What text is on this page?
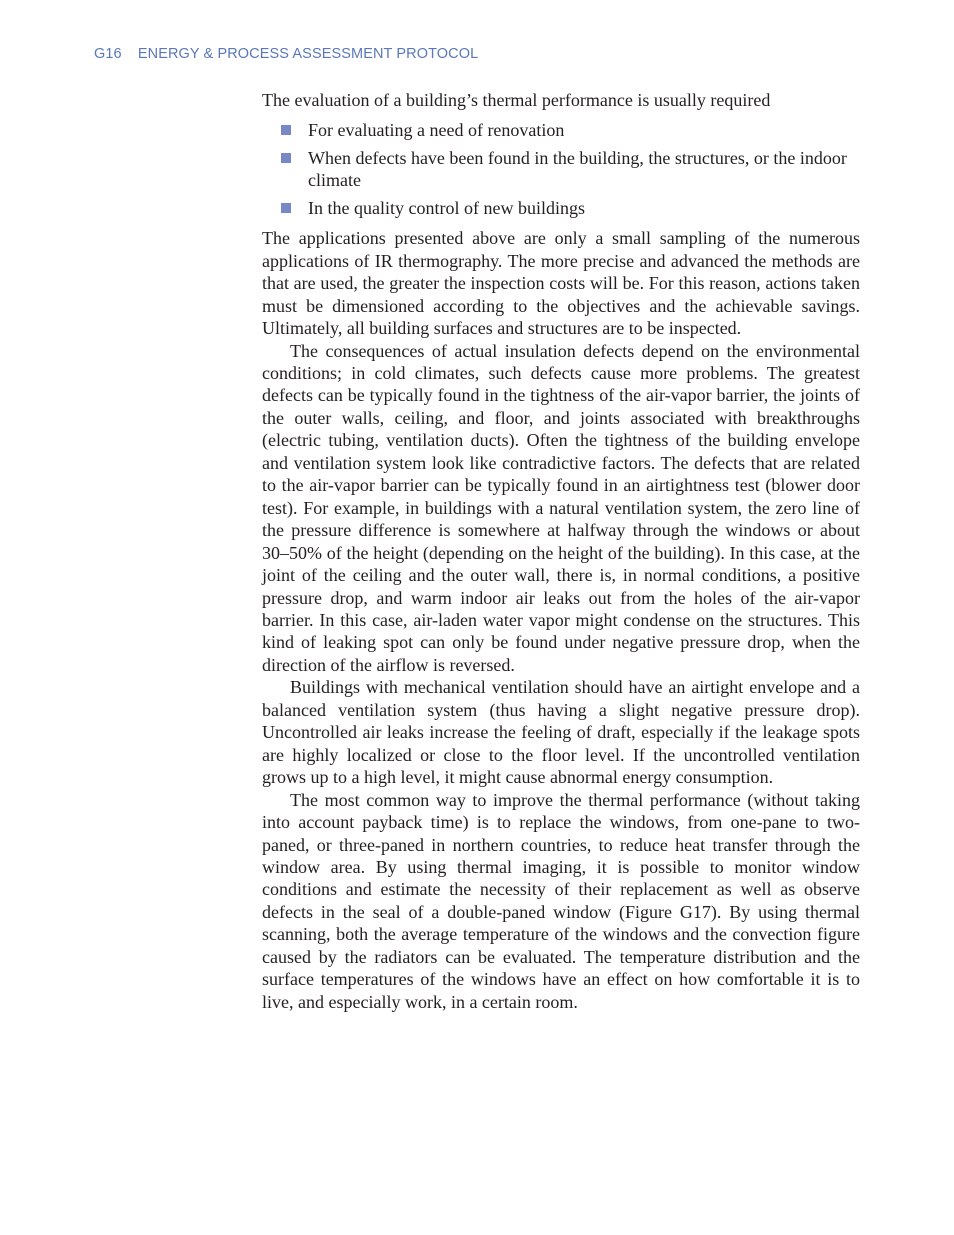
G16 ENERGY & PROCESS ASSESSMENT PROTOCOL

The evaluation of a building’s thermal performance is usually required

For evaluating a need of renovation
When defects have been found in the building, the structures, or the indoor climate
In the quality control of new buildings

The applications presented above are only a small sampling of the numerous applications of IR thermography. The more precise and advanced the methods are that are used, the greater the inspection costs will be. For this reason, actions taken must be dimensioned according to the objectives and the achievable savings. Ultimately, all building surfaces and structures are to be inspected.

The consequences of actual insulation defects depend on the environmental conditions; in cold climates, such defects cause more problems. The greatest defects can be typically found in the tightness of the air-vapor barrier, the joints of the outer walls, ceiling, and floor, and joints associated with breakthroughs (electric tubing, ventilation ducts). Often the tightness of the building envelope and ventilation system look like contradictive factors. The defects that are related to the air-vapor barrier can be typically found in an airtightness test (blower door test). For example, in buildings with a natural ventilation system, the zero line of the pressure difference is somewhere at halfway through the windows or about 30–50% of the height (depending on the height of the building). In this case, at the joint of the ceiling and the outer wall, there is, in normal conditions, a positive pressure drop, and warm indoor air leaks out from the holes of the air-vapor barrier. In this case, air-laden water vapor might condense on the structures. This kind of leaking spot can only be found under negative pressure drop, when the direction of the airflow is reversed.

Buildings with mechanical ventilation should have an airtight envelope and a balanced ventilation system (thus having a slight negative pressure drop). Uncontrolled air leaks increase the feeling of draft, especially if the leakage spots are highly localized or close to the floor level. If the uncontrolled ventilation grows up to a high level, it might cause abnormal energy consumption.

The most common way to improve the thermal performance (without taking into account payback time) is to replace the windows, from one-pane to two-paned, or three-paned in northern countries, to reduce heat transfer through the window area. By using thermal imaging, it is possible to monitor window conditions and estimate the necessity of their replacement as well as observe defects in the seal of a double-paned window (Figure G17). By using thermal scanning, both the average temperature of the windows and the convection figure caused by the radiators can be evaluated. The temperature distribution and the surface temperatures of the windows have an effect on how comfortable it is to live, and especially work, in a certain room.
